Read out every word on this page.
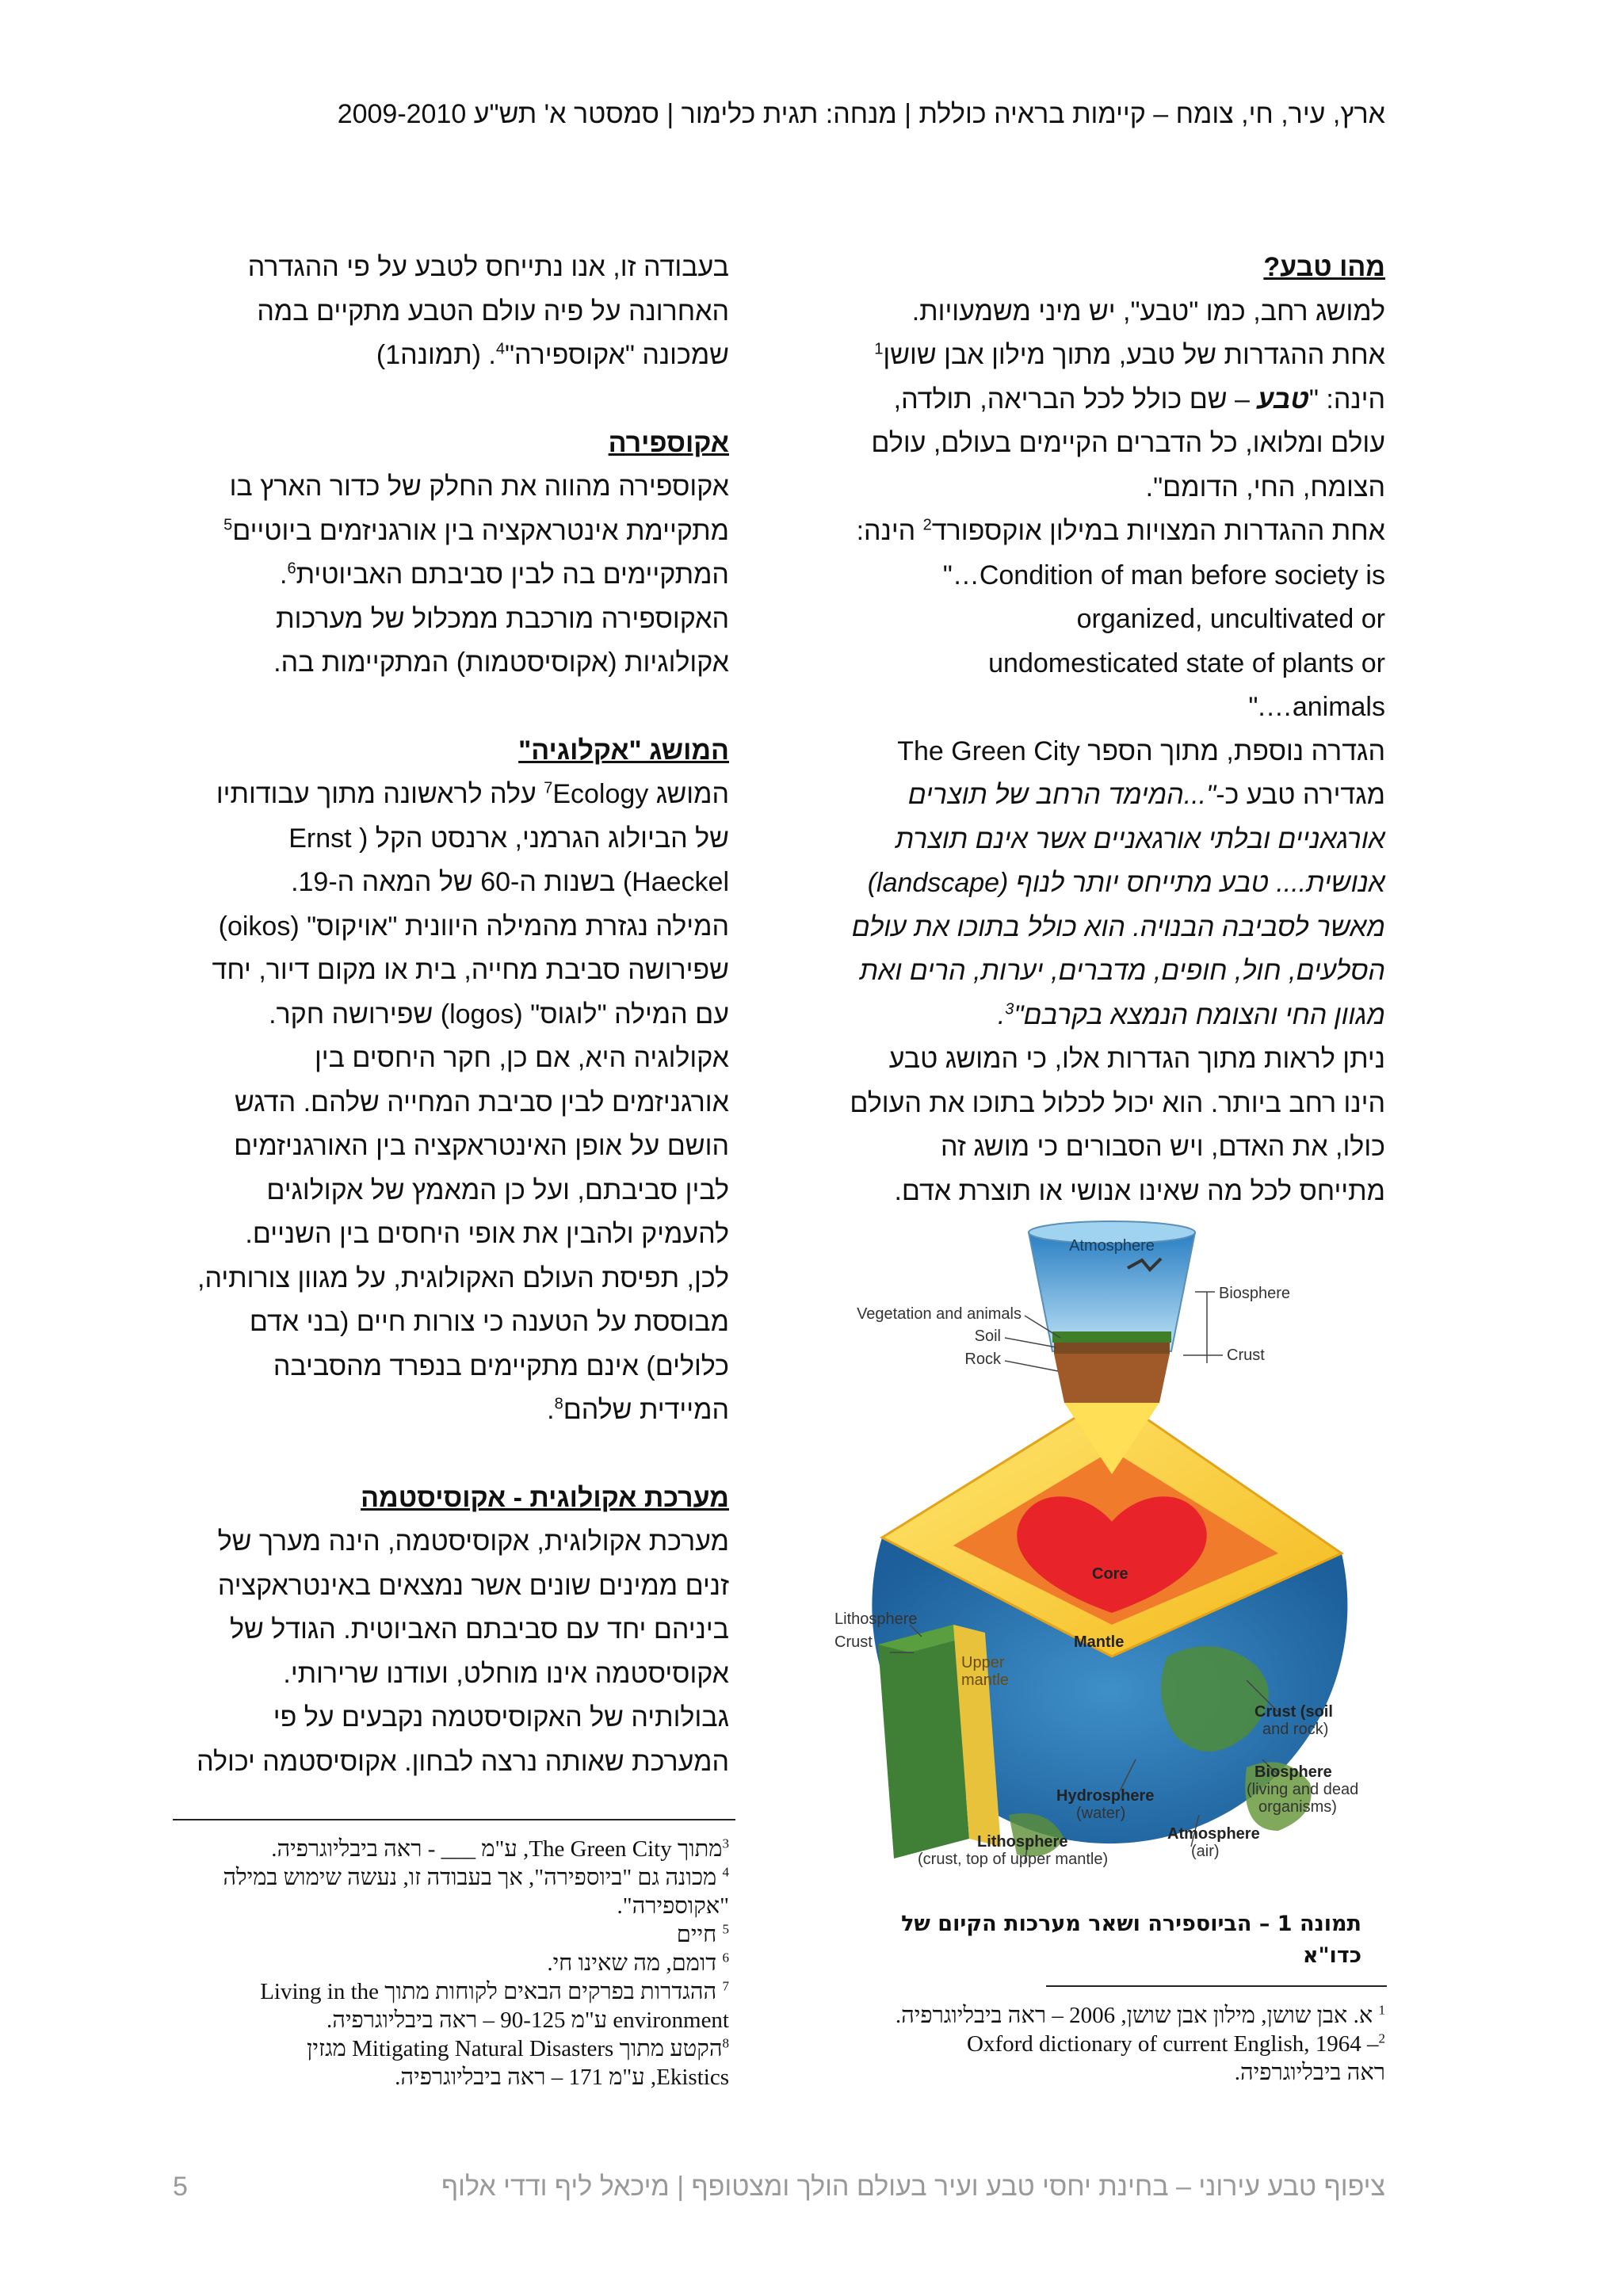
ארץ, עיר, חי, צומח – קיימות בראיה כוללת | מנחה: תגית כלימור | סמסטר א' תש"ע 2009-2010

מהו טבע?

למושג רחב, כמו "טבע", יש מיני משמעויות.

אחת ההגדרות של טבע, מתוך מילון אבן שושן$^1$

הינה: "טבע – שם כולל לכל הבריאה, תולדה,

עולם ומלואו, כל הדברים הקיימים בעולם, עולם

הצומח, החי, הדומם".

אחת ההגדרות המצויות במילון אוקספורד$^2$ הינה:

Condition of man before society is…"

organized, uncultivated or

undomesticated state of plants or

animals…."

הגדרה נוספת, מתוך הספר The Green City

מגדירה טבע כ-"...המימד הרחב של תוצרים

אורגאניים ובלתי אורגאניים אשר אינם תוצרת

אנושית.... טבע מתייחס יותר לנוף (landscape)

מאשר לסביבה הבנויה. הוא כולל בתוכו את עולם

הסלעים, חול, חופים, מדברים, יערות, הרים ואת

מגוון החי והצומח הנמצא בקרבם"$^3$.

ניתן לראות מתוך הגדרות אלו, כי המושג טבע

הינו רחב ביותר. הוא יכול לכלול בתוכו את העולם

כולו, את האדם, ויש הסבורים כי מושג זה

מתייחס לכל מה שאינו אנושי או תוצרת אדם.

בעבודה זו, אנו נתייחס לטבע על פי ההגדרה

האחרונה על פיה עולם הטבע מתקיים במה

שמכונה "אקוספירה"$^4$. (תמונה1)

אקוספירה

אקוספירה מהווה את החלק של כדור הארץ בו

מתקיימת אינטראקציה בין אורגניזמים ביוטיים$^5$

המתקיימים בה לבין סביבתם האביוטית$^6$.

האקוספירה מורכבת ממכלול של מערכות

אקולוגיות (אקוסיסטמות) המתקיימות בה.

המושג "אקלוגיה"

המושג Ecology$^7$ עלה לראשונה מתוך עבודותיו

של הביולוג הגרמני, ארנסט הקל ( Ernst

Haeckel) בשנות ה-60 של המאה ה-19.

המילה נגזרת מהמילה היוונית "אויקוס" (oikos)

שפירושה סביבת מחייה, בית או מקום דיור, יחד

עם המילה "לוגוס" (logos) שפירושה חקר.

אקולוגיה היא, אם כן, חקר היחסים בין

אורגניזמים לבין סביבת המחייה שלהם. הדגש

הושם על אופן האינטראקציה בין האורגניזמים

לבין סביבתם, ועל כן המאמץ של אקולוגים

להעמיק ולהבין את אופי היחסים בין השניים.

לכן, תפיסת העולם האקולוגית, על מגוון צורותיה,

מבוססת על הטענה כי צורות חיים (בני אדם

כלולים) אינם מתקיימים בנפרד מהסביבה

המיידית שלהם$^8$.

מערכת אקולוגית - אקוסיסטמה

מערכת אקולוגית, אקוסיסטמה, הינה מערך של

זנים ממינים שונים אשר נמצאים באינטראקציה

ביניהם יחד עם סביבתם האביוטית. הגודל של

אקוסיסטמה אינו מוחלט, ועודנו שרירותי.

גבולותיה של האקוסיסטמה נקבעים על פי

המערכת שאותה נרצה לבחון. אקוסיסטמה יכולה

Atmosphere
Biosphere
Vegetation and animals
Soil
Rock	Crust
Core
Mantle
Lithosphere
Crust
Upper
mantle
Crust (soil
and rock)
Biosphere
(living and dead
organisms)
Hydrosphere
(water)
Atmosphere
(air)
Lithosphere
(crust, top of upper mantle)
תמונה 1 – הביוספירה ושאר מערכות הקיום של
כדו"א

$^3$מתוך The Green City, ע"מ ___ - ראה ביבליוגרפיה.

$^4$ מכונה גם "ביוספירה", אך בעבודה זו, נעשה שימוש במילה

"אקוספירה".

$^5$ חיים

$^6$ דומם, מה שאינו חי.

$^7$ ההגדרות בפרקים הבאים לקוחות מתוך Living in the

environment ע"מ 90-125 – ראה ביבליוגרפיה.

$^8$הקטע מתוך Mitigating Natural Disasters מגזין

Ekistics, ע"מ 171 – ראה ביבליוגרפיה.

$^1$ א. אבן שושן, מילון אבן שושן, 2006 – ראה ביבליוגרפיה.

$^2$Oxford dictionary of current English, 1964 –

ראה ביבליוגרפיה.

ציפוף טבע עירוני – בחינת יחסי טבע ועיר בעולם הולך ומצטופף | מיכאל ליף ודדי אלוף
5
